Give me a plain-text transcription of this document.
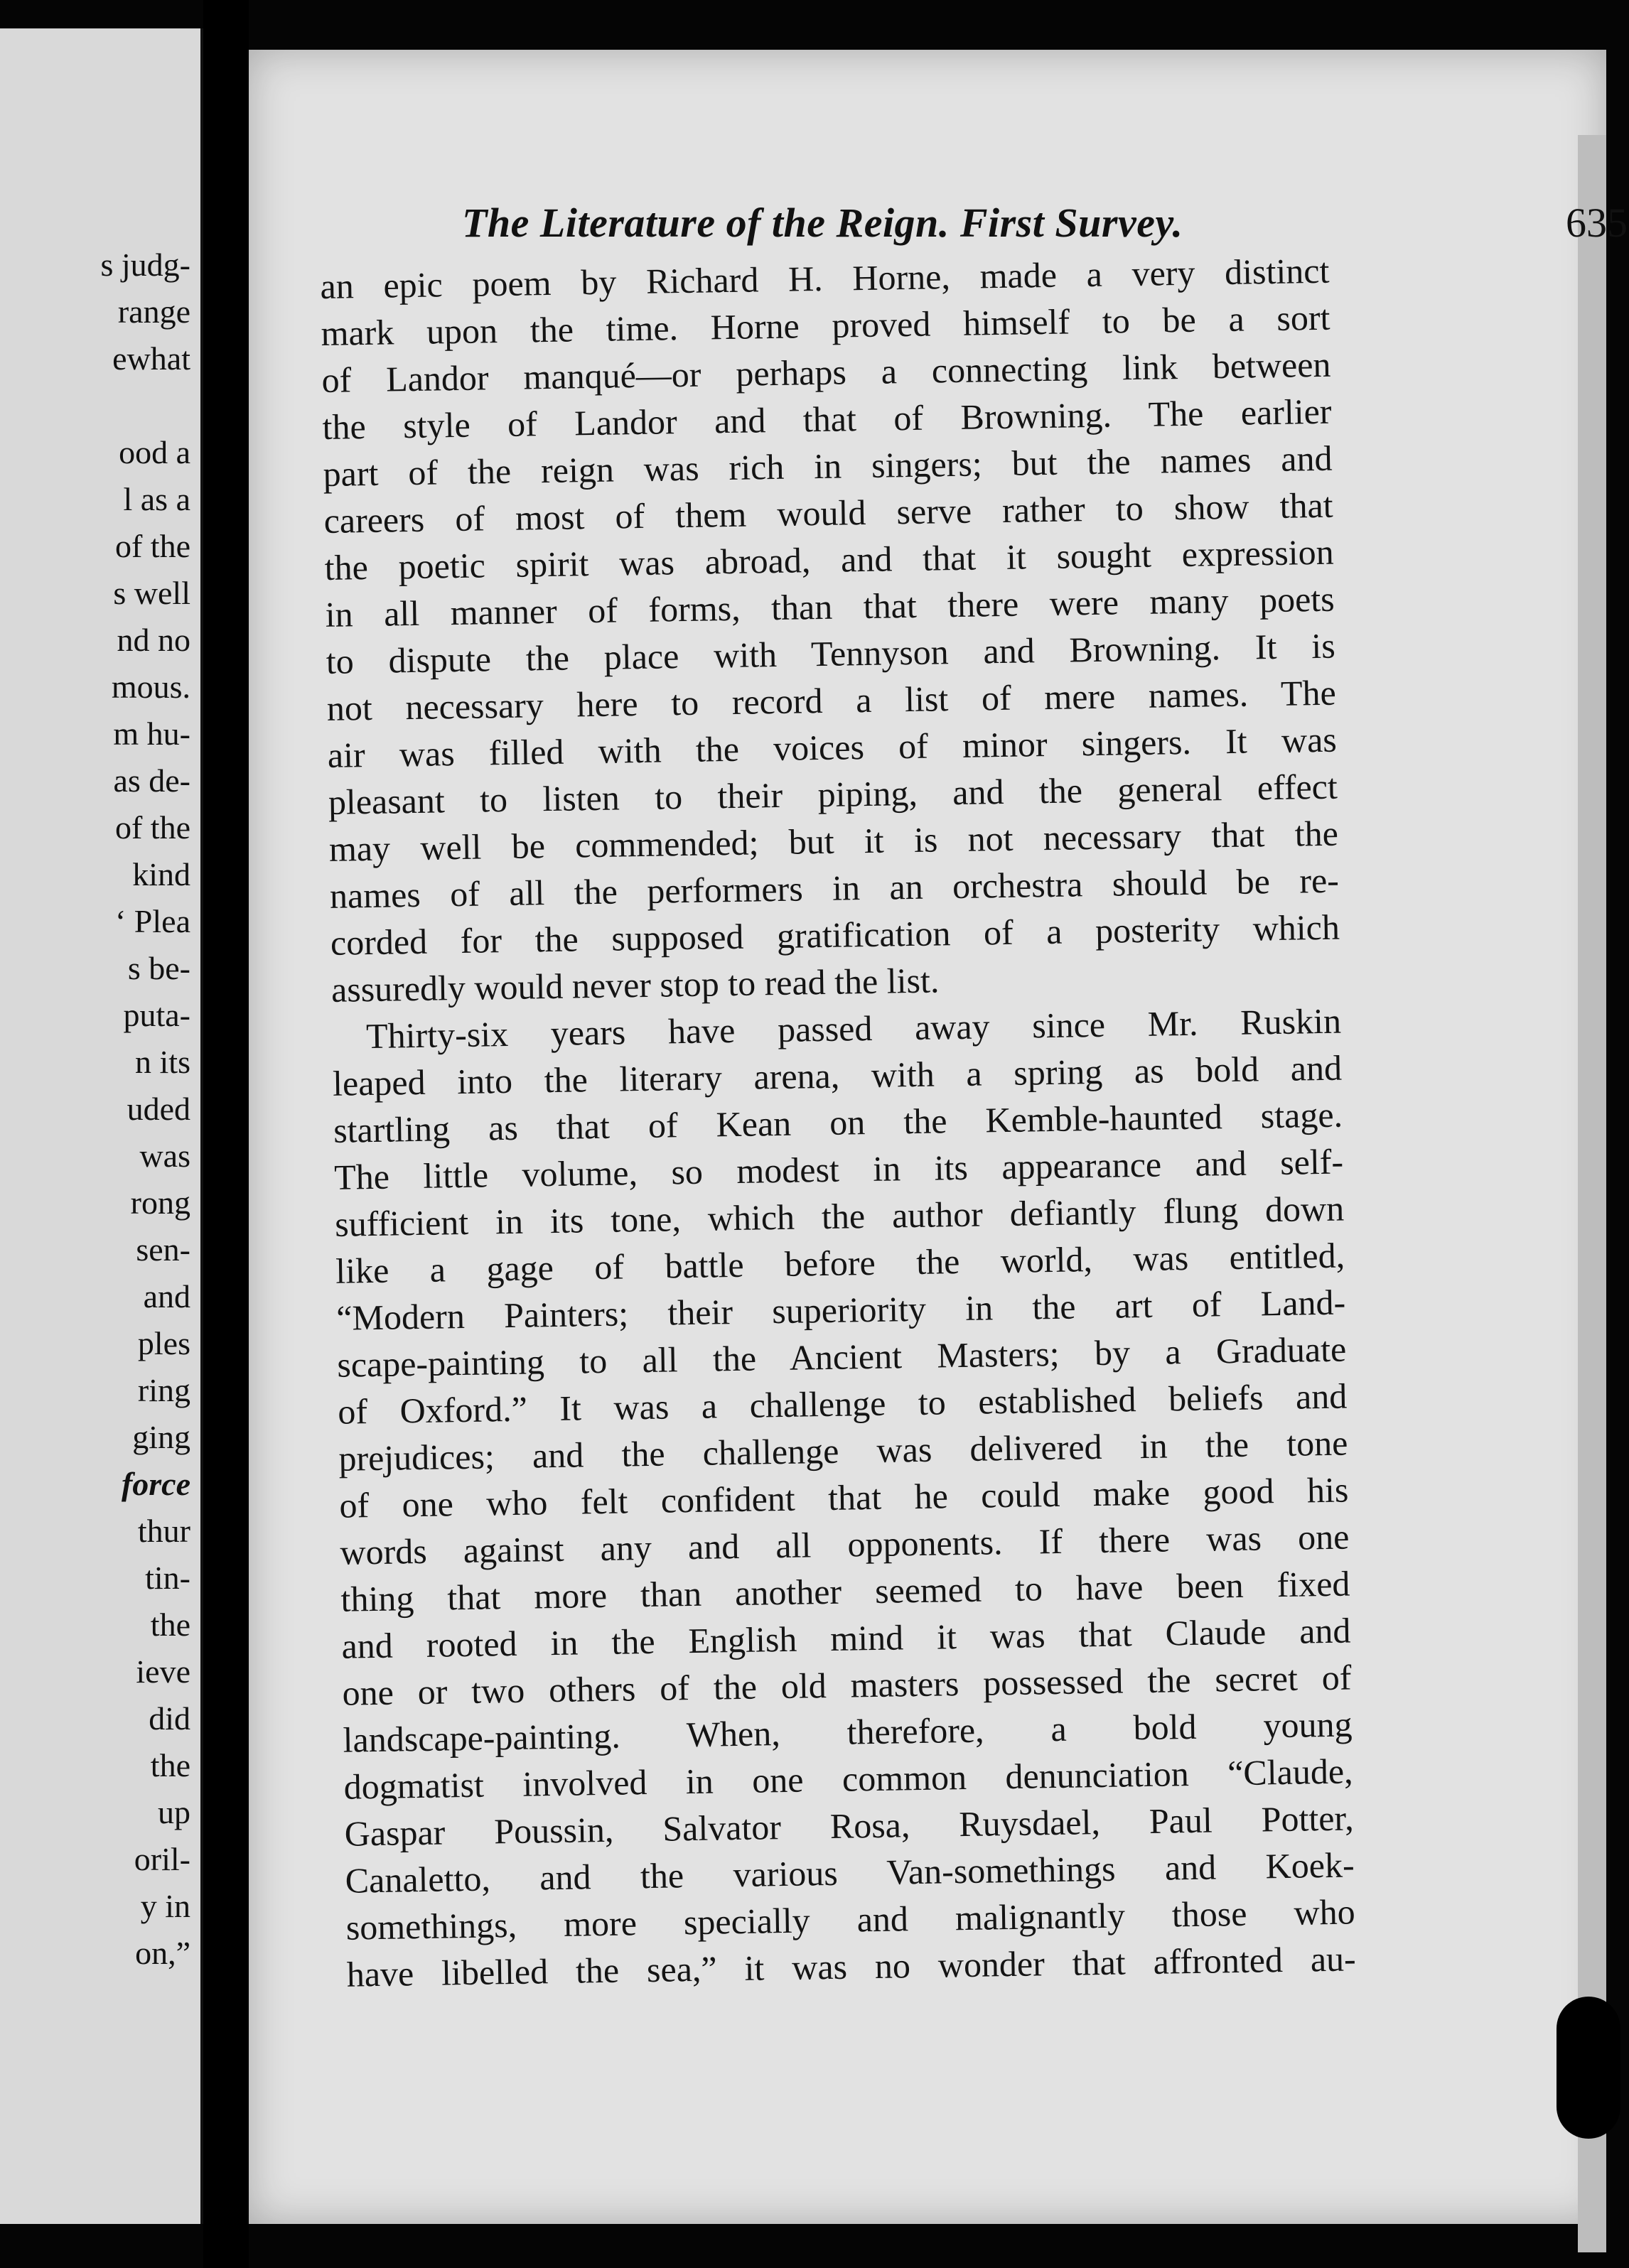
s judg-
range
ewhat
ood a
l as a
of the
s well
nd no
mous.
m hu-
as de-
of the
kind
‘ Plea
s be-
puta-
n its
uded
was
rong
sen-
and
ples
ring
ging
force
thur
tin-
the
ieve
did
the
up
oril-
y in
on,”
The Literature of the Reign. First Survey.	635
an epic poem by Richard H. Horne, made a very distinct
mark upon the time. Horne proved himself to be a sort
of Landor manqué—or perhaps a connecting link between
the style of Landor and that of Browning. The earlier
part of the reign was rich in singers; but the names and
careers of most of them would serve rather to show that
the poetic spirit was abroad, and that it sought expression
in all manner of forms, than that there were many poets
to dispute the place with Tennyson and Browning. It is
not necessary here to record a list of mere names. The
air was filled with the voices of minor singers. It was
pleasant to listen to their piping, and the general effect
may well be commended; but it is not necessary that the
names of all the performers in an orchestra should be re-
corded for the supposed gratification of a posterity which
assuredly would never stop to read the list.
Thirty-six years have passed away since Mr. Ruskin
leaped into the literary arena, with a spring as bold and
startling as that of Kean on the Kemble-haunted stage.
The little volume, so modest in its appearance and self-
sufficient in its tone, which the author defiantly flung down
like a gage of battle before the world, was entitled,
“Modern Painters; their superiority in the art of Land-
scape-painting to all the Ancient Masters; by a Graduate
of Oxford.” It was a challenge to established beliefs and
prejudices; and the challenge was delivered in the tone
of one who felt confident that he could make good his
words against any and all opponents. If there was one
thing that more than another seemed to have been fixed
and rooted in the English mind it was that Claude and
one or two others of the old masters possessed the secret of
landscape-painting. When, therefore, a bold young
dogmatist involved in one common denunciation “Claude,
Gaspar Poussin, Salvator Rosa, Ruysdael, Paul Potter,
Canaletto, and the various Van-somethings and Koek-
somethings, more specially and malignantly those who
have libelled the sea,” it was no wonder that affronted au-
